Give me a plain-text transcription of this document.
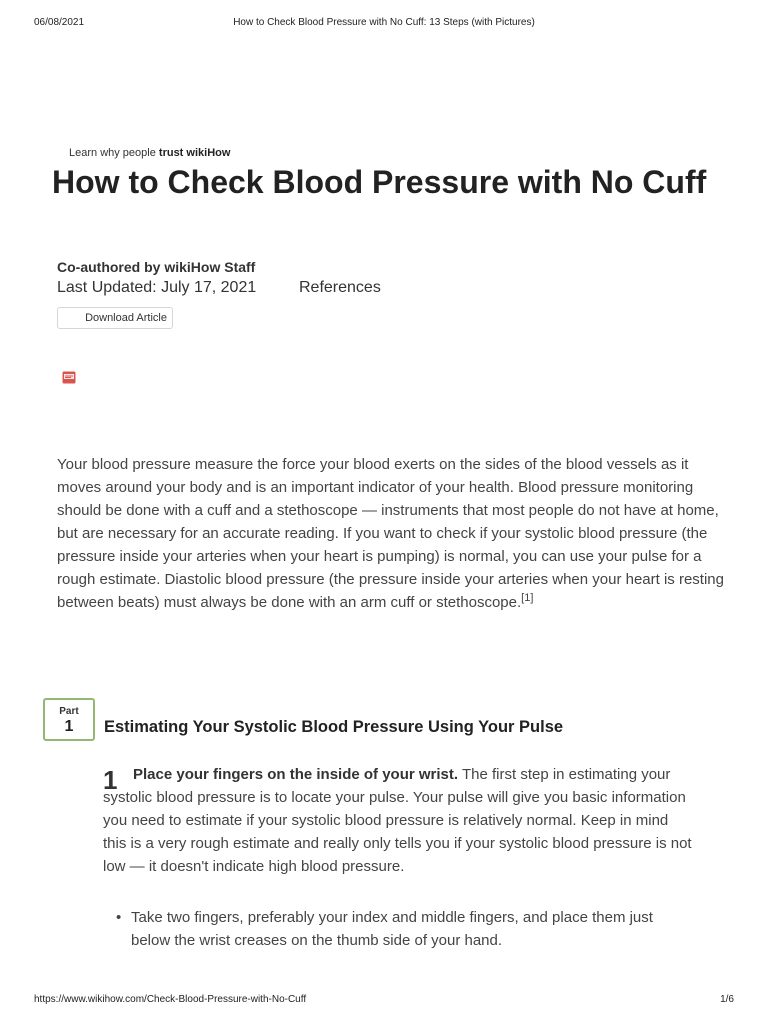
06/08/2021	How to Check Blood Pressure with No Cuff: 13 Steps (with Pictures)
Learn why people trust wikiHow
How to Check Blood Pressure with No Cuff
Co-authored by wikiHow Staff
Last Updated: July 17, 2021	References
Download Article

Your blood pressure measure the force your blood exerts on the sides of the blood vessels as it moves around your body and is an important indicator of your health. Blood pressure monitoring should be done with a cuff and a stethoscope — instruments that most people do not have at home, but are necessary for an accurate reading. If you want to check if your systolic blood pressure (the pressure inside your arteries when your heart is pumping) is normal, you can use your pulse for a rough estimate. Diastolic blood pressure (the pressure inside your arteries when your heart is resting between beats) must always be done with an arm cuff or stethoscope.[1]

Part
1	Estimating Your Systolic Blood Pressure Using Your Pulse
1	Place your fingers on the inside of your wrist. The first step in estimating your systolic blood pressure is to locate your pulse. Your pulse will give you basic information you need to estimate if your systolic blood pressure is relatively normal. Keep in mind this is a very rough estimate and really only tells you if your systolic blood pressure is not low — it doesn't indicate high blood pressure.

• Take two fingers, preferably your index and middle fingers, and place them just below the wrist creases on the thumb side of your hand.
https://www.wikihow.com/Check-Blood-Pressure-with-No-Cuff	1/6
